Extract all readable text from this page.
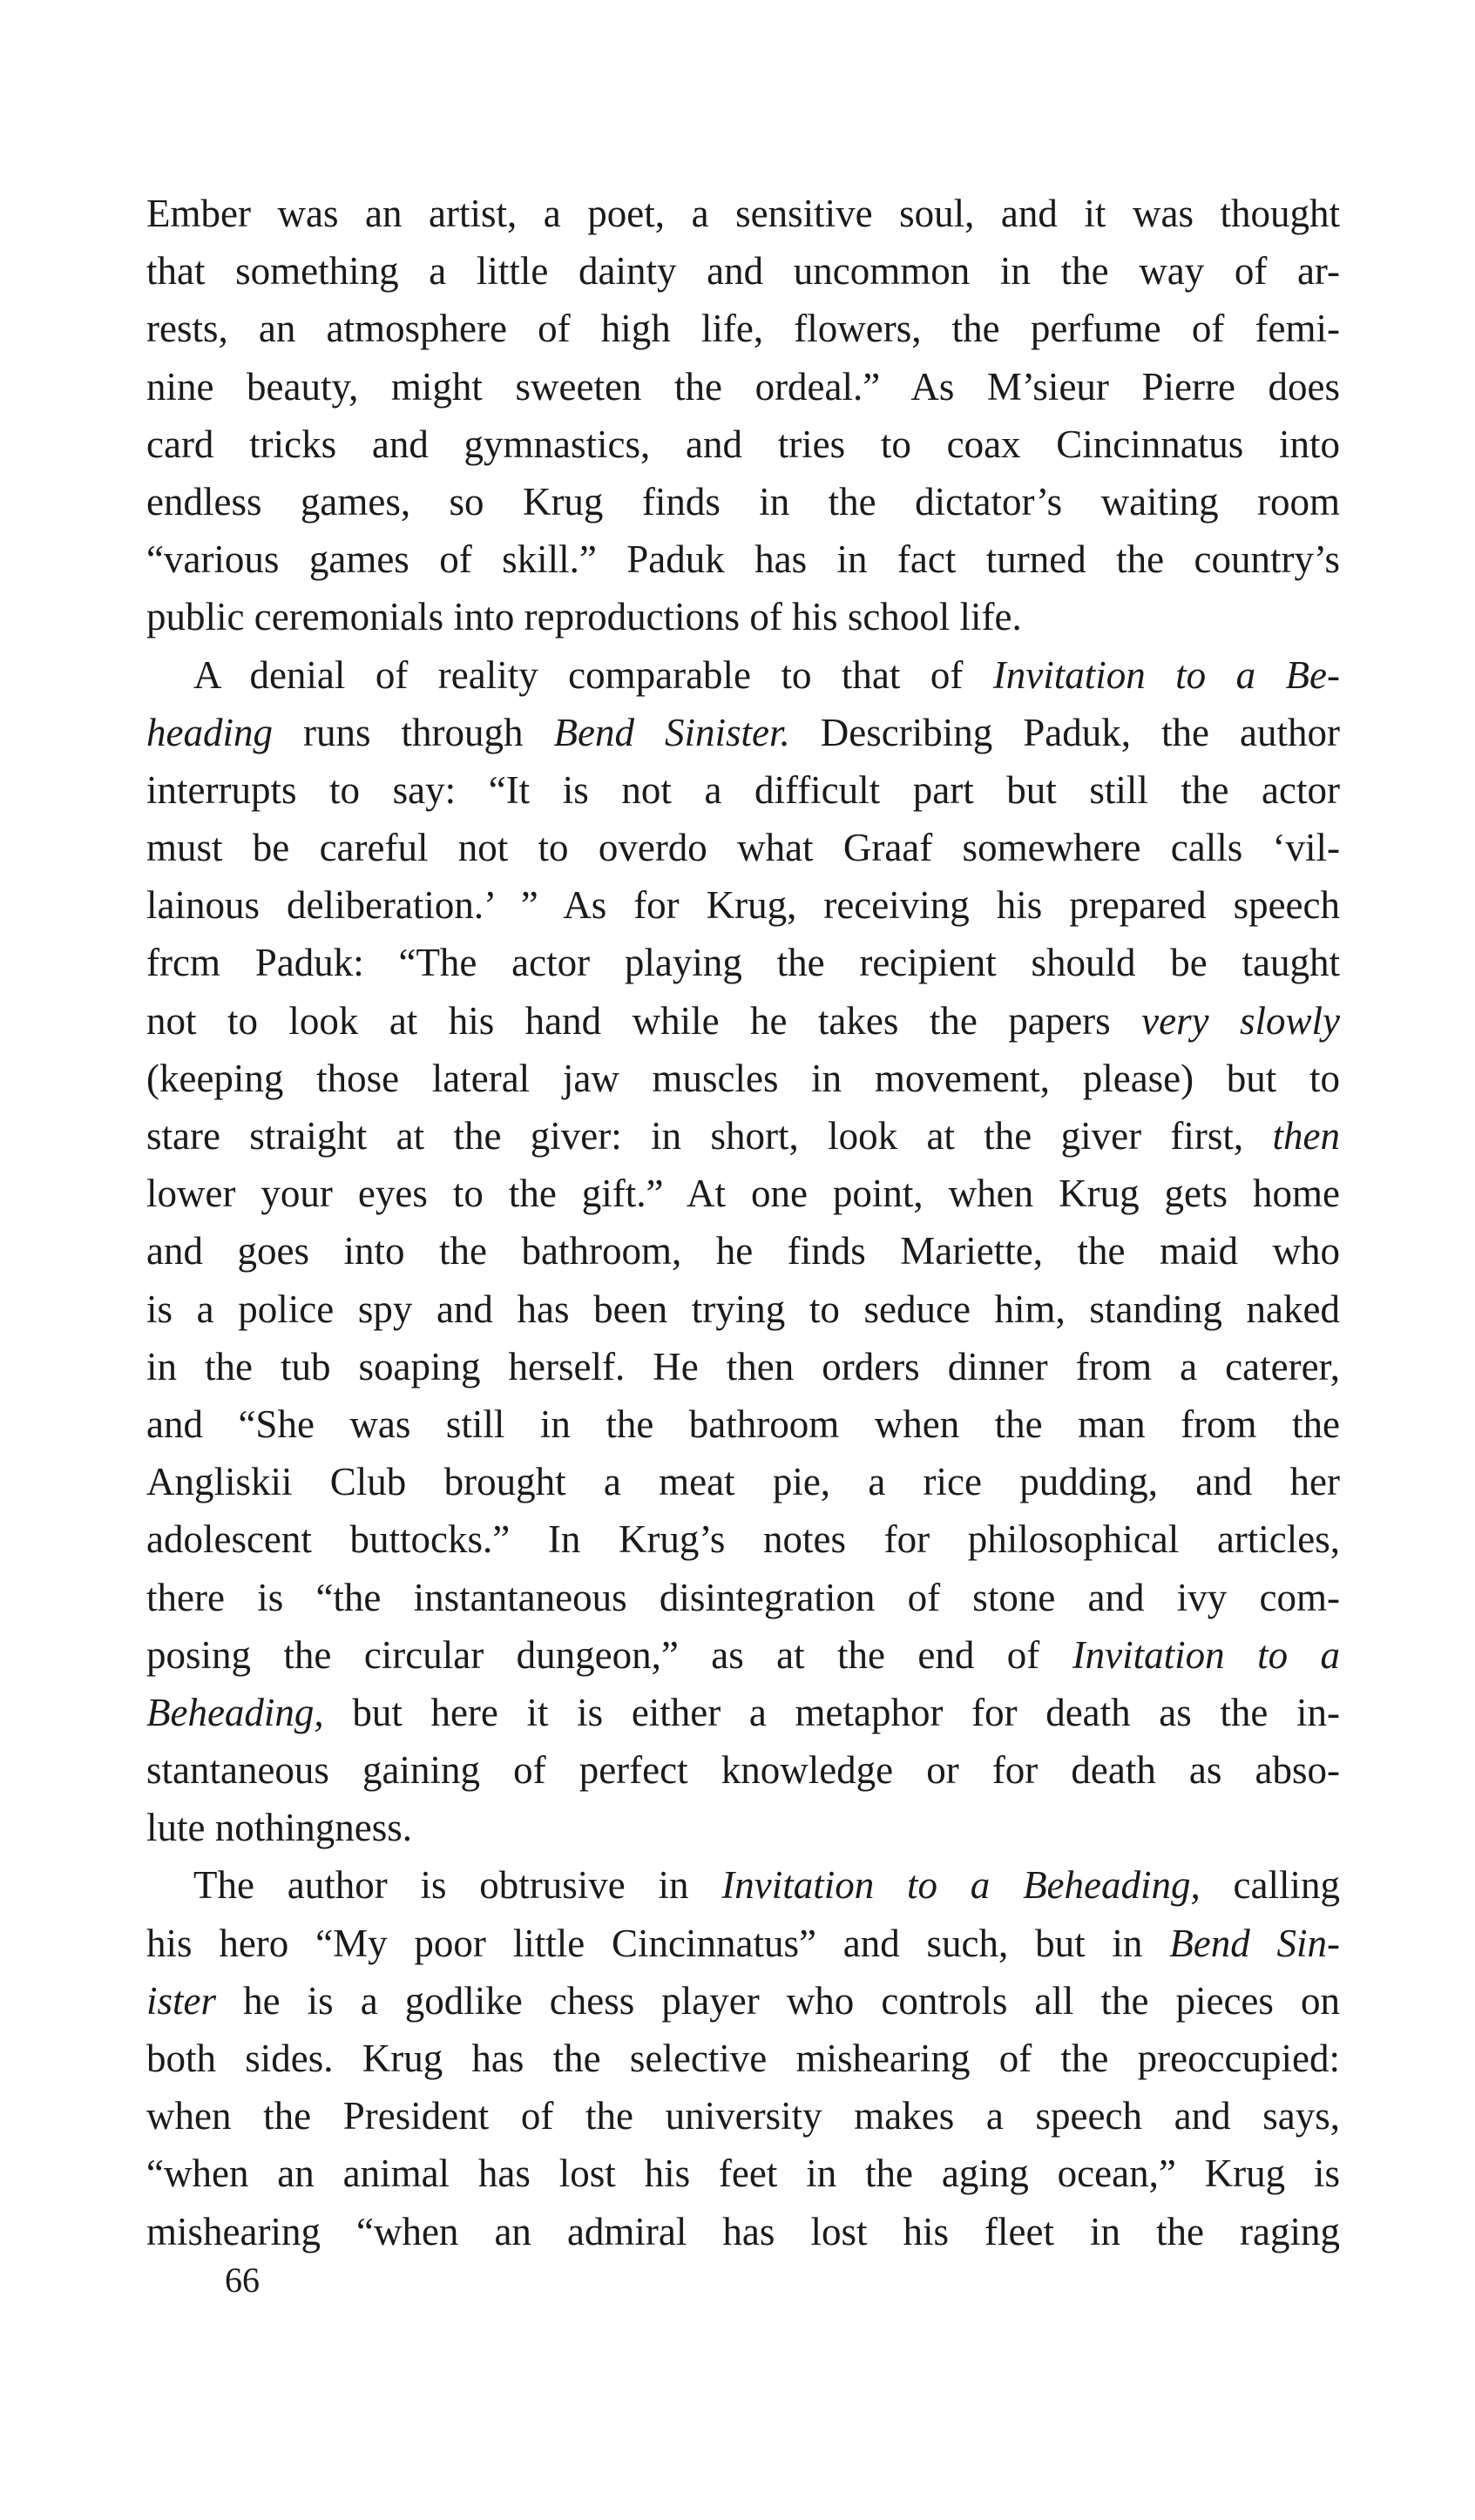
Ember was an artist, a poet, a sensitive soul, and it was thought
that something a little dainty and uncommon in the way of ar-
rests, an atmosphere of high life, flowers, the perfume of femi-
nine beauty, might sweeten the ordeal.” As M’sieur Pierre does
card tricks and gymnastics, and tries to coax Cincinnatus into
endless games, so Krug finds in the dictator’s waiting room
“various games of skill.” Paduk has in fact turned the country’s
public ceremonials into reproductions of his school life.
A denial of reality comparable to that of Invitation to a Be-
heading runs through Bend Sinister. Describing Paduk, the author
interrupts to say: “It is not a difficult part but still the actor
must be careful not to overdo what Graaf somewhere calls ‘vil-
lainous deliberation.’ ” As for Krug, receiving his prepared speech
frcm Paduk: “The actor playing the recipient should be taught
not to look at his hand while he takes the papers very slowly
(keeping those lateral jaw muscles in movement, please) but to
stare straight at the giver: in short, look at the giver first, then
lower your eyes to the gift.” At one point, when Krug gets home
and goes into the bathroom, he finds Mariette, the maid who
is a police spy and has been trying to seduce him, standing naked
in the tub soaping herself. He then orders dinner from a caterer,
and “She was still in the bathroom when the man from the
Angliskii Club brought a meat pie, a rice pudding, and her
adolescent buttocks.” In Krug’s notes for philosophical articles,
there is “the instantaneous disintegration of stone and ivy com-
posing the circular dungeon,” as at the end of Invitation to a
Beheading, but here it is either a metaphor for death as the in-
stantaneous gaining of perfect knowledge or for death as abso-
lute nothingness.
The author is obtrusive in Invitation to a Beheading, calling
his hero “My poor little Cincinnatus” and such, but in Bend Sin-
ister he is a godlike chess player who controls all the pieces on
both sides. Krug has the selective mishearing of the preoccupied:
when the President of the university makes a speech and says,
“when an animal has lost his feet in the aging ocean,” Krug is
mishearing “when an admiral has lost his fleet in the raging
66
